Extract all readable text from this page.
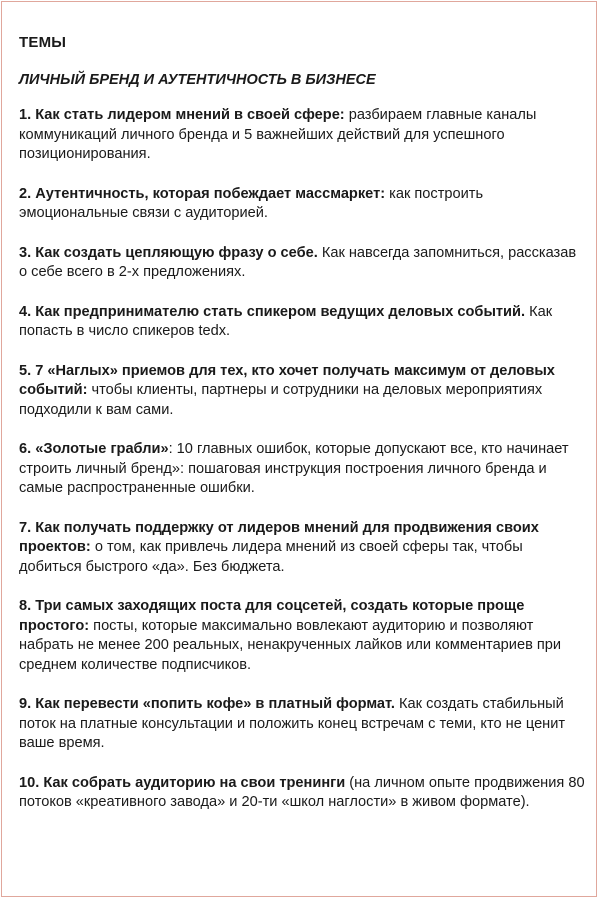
ТЕМЫ
ЛИЧНЫЙ БРЕНД И АУТЕНТИЧНОСТЬ В БИЗНЕСЕ
1. Как стать лидером мнений в своей сфере: разбираем главные каналы коммуникаций личного бренда и 5 важнейших действий для успешного позиционирования.
2. Аутентичность, которая побеждает массмаркет: как построить эмоциональные связи с аудиторией.
3. Как создать цепляющую фразу о себе. Как навсегда запомниться, рассказав о себе всего в 2-х предложениях.
4. Как предпринимателю стать спикером ведущих деловых событий. Как попасть в число спикеров tedx.
5. 7 «Наглых» приемов для тех, кто хочет получать максимум от деловых событий: чтобы клиенты, партнеры и сотрудники на деловых мероприятиях подходили к вам сами.
6. «Золотые грабли»: 10 главных ошибок, которые допускают все, кто начинает строить личный бренд»: пошаговая инструкция построения личного бренда и самые распространенные ошибки.
7. Как получать поддержку от лидеров мнений для продвижения своих проектов: о том, как привлечь лидера мнений из своей сферы так, чтобы добиться быстрого «да». Без бюджета.
8. Три самых заходящих поста для соцсетей, создать которые проще простого: посты, которые максимально вовлекают аудиторию и позволяют набрать не менее 200 реальных, ненакрученных лайков или комментариев при среднем количестве подписчиков.
9. Как перевести «попить кофе» в платный формат. Как создать стабильный поток на платные консультации и положить конец встречам с теми, кто не ценит ваше время.
10. Как собрать аудиторию на свои тренинги (на личном опыте продвижения 80 потоков «креативного завода» и 20-ти «школ наглости» в живом формате).
